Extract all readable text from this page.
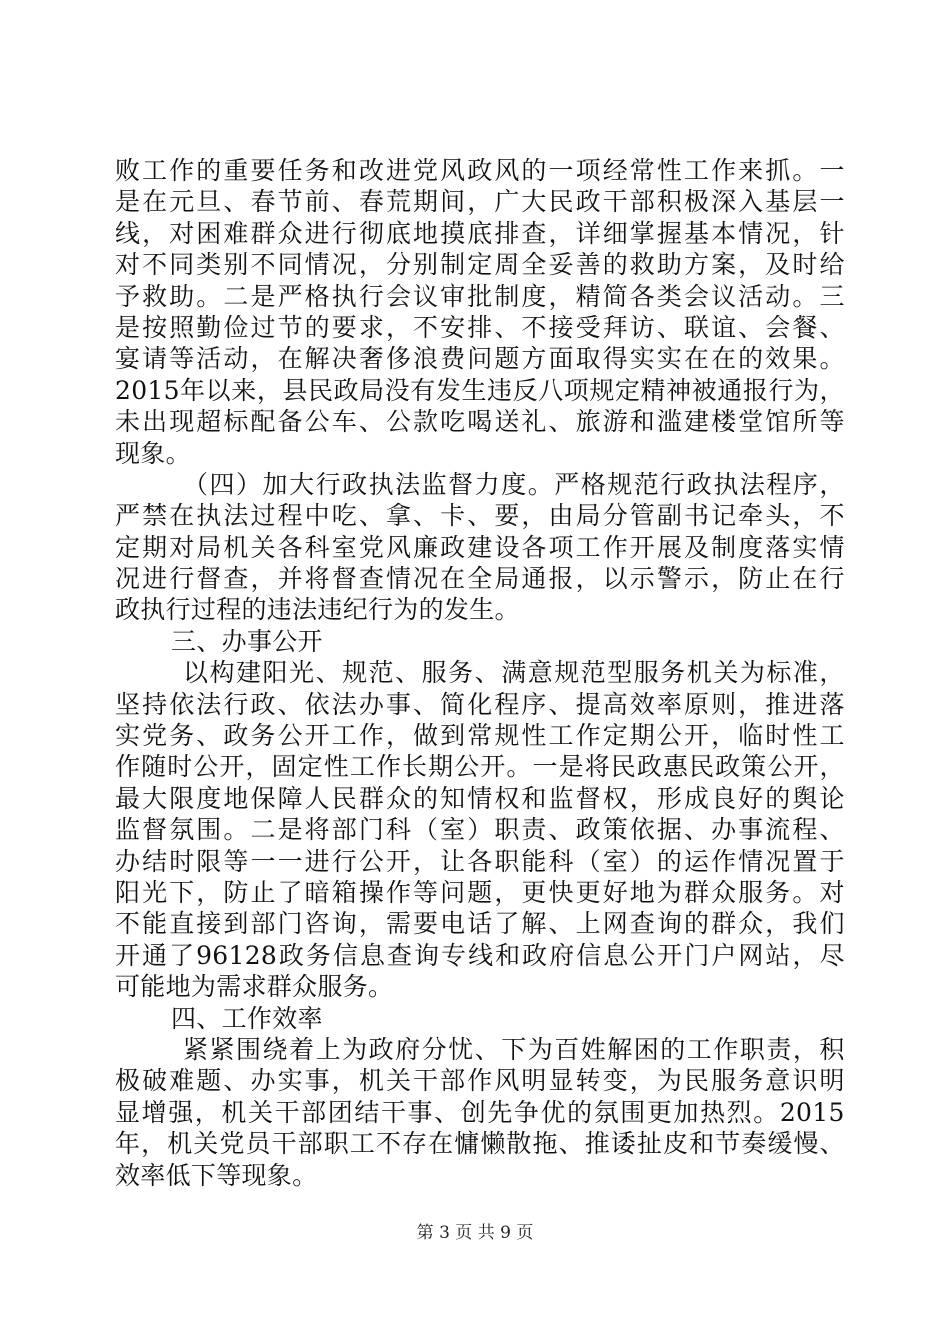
败 工 作 的 重 要 任 务 和 改 进 党 风 政 风 的 一 项 经 常 性 工 作 来 抓 。 一
是 在 元 旦 、 春 节 前 、 春 荒 期 间 ， 广 大 民 政 干 部 积 极 深 入 基 层 一
线 ， 对 困 难 群 众 进 行 彻 底 地 摸 底 排 查 ， 详 细 掌 握 基 本 情 况 ， 针
对 不 同 类 别 不 同 情 况 ， 分 别 制 定 周 全 妥 善 的 救 助 方 案 ， 及 时 给
予 救 助 。 二 是 严 格 执 行 会 议 审 批 制 度 ， 精 简 各 类 会 议 活 动 。 三
是 按 照 勤 俭 过 节 的 要 求 ， 不 安 排 、 不 接 受 拜 访 、 联 谊 、 会 餐 、
宴 请 等 活 动 ， 在 解 决 奢 侈 浪 费 问 题 方 面 取 得 实 实 在 在 的 效 果 。
2015 年 以 来 ， 县 民 政 局 没 有 发 生 违 反 八 项 规 定 精 神 被 通 报 行 为 ，
未 出 现 超 标 配 备 公 车 、 公 款 吃 喝 送 礼 、 旅 游 和 滥 建 楼 堂 馆 所 等
现象。
（ 四 ） 加 大 行 政 执 法 监 督 力 度 。 严 格 规 范 行 政 执 法 程 序 ，
严 禁 在 执 法 过 程 中 吃 、 拿 、 卡 、 要 ， 由 局 分 管 副 书 记 牵 头 ， 不
定 期 对 局 机 关 各 科 室 党 风 廉 政 建 设 各 项 工 作 开 展 及 制 度 落 实 情
况 进 行 督 查 ， 并 将 督 查 情 况 在 全 局 通 报 ， 以 示 警 示 ， 防 止 在 行
政执行过程的违法违纪行为的发生。
三、办事公开
以 构 建 阳 光 、 规 范 、 服 务 、 满 意 规 范 型 服 务 机 关 为 标 准 ，
坚 持 依 法 行 政 、 依 法 办 事 、 简 化 程 序 、 提 高 效 率 原 则 ， 推 进 落
实 党 务 、 政 务 公 开 工 作 ， 做 到 常 规 性 工 作 定 期 公 开 ， 临 时 性 工
作 随 时 公 开 ， 固 定 性 工 作 长 期 公 开 。 一 是 将 民 政 惠 民 政 策 公 开 ，
最 大 限 度 地 保 障 人 民 群 众 的 知 情 权 和 监 督 权 ， 形 成 良 好 的 舆 论
监 督 氛 围 。 二 是 将 部 门 科 （ 室 ） 职 责 、 政 策 依 据 、 办 事 流 程 、
办 结 时 限 等 一 一 进 行 公 开 ， 让 各 职 能 科 （ 室 ） 的 运 作 情 况 置 于
阳 光 下 ， 防 止 了 暗 箱 操 作 等 问 题 ， 更 快 更 好 地 为 群 众 服 务 。 对
不 能 直 接 到 部 门 咨 询 ， 需 要 电 话 了 解 、 上 网 查 询 的 群 众 ， 我 们
开 通 了 96128 政 务 信 息 查 询 专 线 和 政 府 信 息 公 开 门 户 网 站 ， 尽
可能地为需求群众服务。
四、工作效率
紧 紧 围 绕 着 上 为 政 府 分 忧 、 下 为 百 姓 解 困 的 工 作 职 责 ， 积
极 破 难 题 、 办 实 事 ， 机 关 干 部 作 风 明 显 转 变 ， 为 民 服 务 意 识 明
显 增 强 ， 机 关 干 部 团 结 干 事 、 创 先 争 优 的 氛 围 更 加 热 烈 。 2015
年 ， 机 关 党 员 干 部 职 工 不 存 在 慵 懒 散 拖 、 推 诿 扯 皮 和 节 奏 缓 慢 、
效率低下等现象。
第 3 页 共 9 页
